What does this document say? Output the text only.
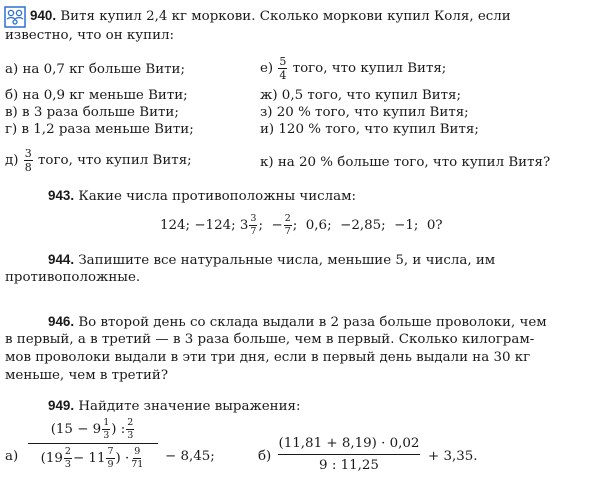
940. Витя купил 2,4 кг моркови. Сколько моркови купил Коля, если
известно, что он купил:
а) на 0,7 кг больше Вити;
б) на 0,9 кг меньше Вити;
в) в 3 раза больше Вити;
г) в 1,2 раза меньше Вити;
$д) \frac{3}{8}$ того, что купил Витя;
$е) \frac{5}{4}$ того, что купил Витя;
ж) 0,5 того, что купил Витя;
з) 20 % того, что купил Витя;
и) 120 % того, что купил Витя;
к) на 20 % больше того, что купил Витя?
943. Какие числа противоположны числам:
124; −124; $3 \frac{3}{7}$ ;  − $\frac{2}{7}$ ;  0,6;  −2,85;  −1;  0?
944. Запишите все натуральные числа, меньшие 5, и числа, им
противоположные.
946. Во второй день со склада выдали в 2 раза больше проволоки, чем
в первый, а в третий — в 3 раза больше, чем в первый. Сколько килограм-
мов проволоки выдали в эти три дня, если в первый день выдали на 30 кг
меньше, чем в третий?
949. Найдите значение выражения:
а)
($15 - 9 \frac{1}{3}$ ) : $\frac{2}{3}$
($19 \frac{2}{3} - 11 \frac{7}{9}$ ) · $\frac{9}{71} - 8,45$;	б)
(11,81 + 8,19) · 0,02
9 : 11,25
+ 3,35.
